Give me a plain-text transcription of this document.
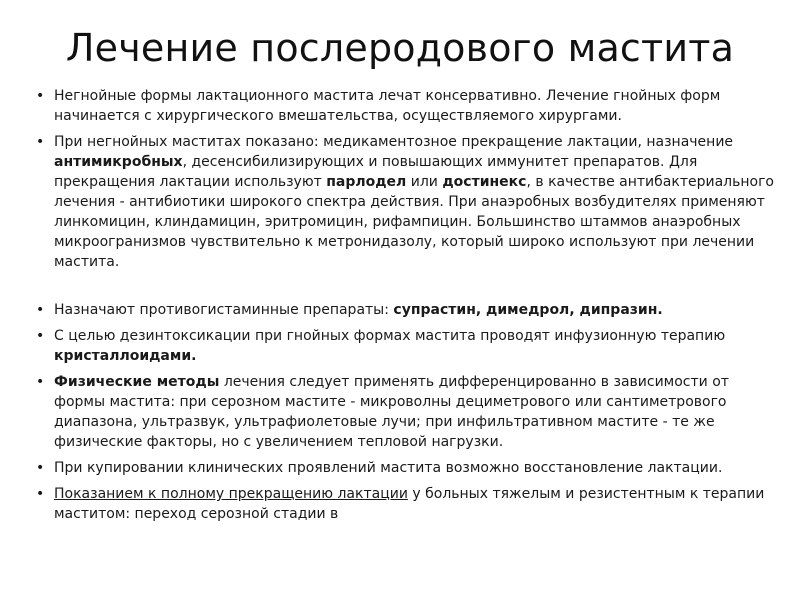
Лечение послеродового мастита
• Негнойные формы лактационного мастита лечат консервативно. Лечение гнойных форм начинается с хирургического вмешательства, осуществляемого хирургами.
• При негнойных маститах показано: медикаментозное прекращение лактации, назначение антимикробных, десенсибилизирующих и повышающих иммунитет препаратов. Для прекращения лактации используют парлодел или достинекс, в качестве антибактериального лечения - антибиотики широкого спектра действия. При анаэробных возбудителях применяют линкомицин, клиндамицин, эритромицин, рифампицин. Большинство штаммов анаэробных микроогранизмов чувствительно к метронидазолу, который широко используют при лечении мастита.
• Назначают противогистаминные препараты: супрастин, димедрол, дипразин.
• С целью дезинтоксикации при гнойных формах мастита проводят инфузионную терапию кристаллоидами.
• Физические методы лечения следует применять дифференцированно в зависимости от формы мастита: при серозном мастите - микроволны дециметрового или сантиметрового диапазона, ультразвук, ультрафиолетовые лучи; при инфильтративном мастите - те же физические факторы, но с увеличением тепловой нагрузки.
• При купировании клинических проявлений мастита возможно восстановление лактации.
• Показанием к полному прекращению лактации у больных тяжелым и резистентным к терапии маститом: переход серозной стадии в
